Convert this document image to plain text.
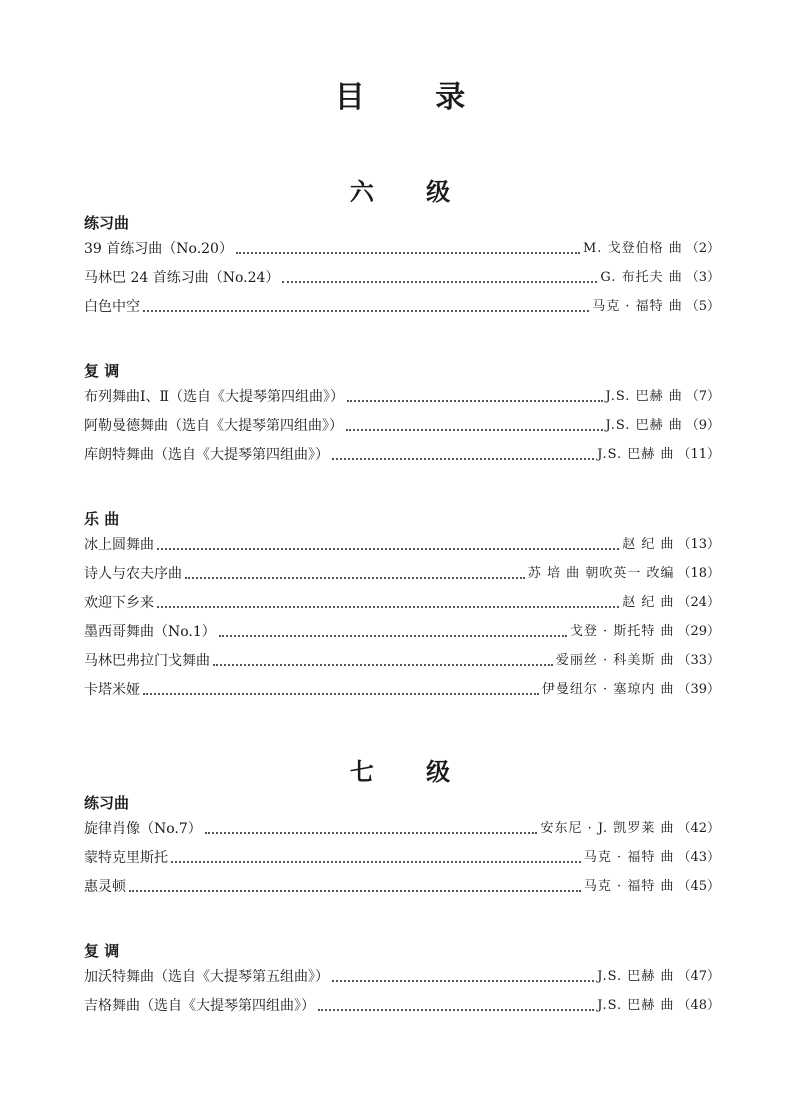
目 录
六 级
练习曲
39 首练习曲（No.20）	M. 戈登伯格 曲 （2）
马林巴 24 首练习曲（No.24）	G. 布托夫 曲 （3）
白色中空	马克 · 福特 曲 （5）
复 调
布列舞曲Ⅰ、Ⅱ（选自《大提琴第四组曲》）	J.S. 巴赫 曲 （7）
阿勒曼德舞曲（选自《大提琴第四组曲》）	J.S. 巴赫 曲 （9）
库朗特舞曲（选自《大提琴第四组曲》）	J.S. 巴赫 曲 （11）
乐 曲
冰上圆舞曲	赵 纪 曲 （13）
诗人与农夫序曲	苏 培 曲 朝吹英一 改编 （18）
欢迎下乡来	赵 纪 曲 （24）
墨西哥舞曲（No.1）	戈登 · 斯托特 曲 （29）
马林巴弗拉门戈舞曲	爱丽丝 · 科美斯 曲 （33）
卡塔米娅	伊曼纽尔 · 塞琼内 曲 （39）
七 级
练习曲
旋律肖像（No.7）	安东尼 · J. 凯罗莱 曲 （42）
蒙特克里斯托	马克 · 福特 曲 （43）
惠灵顿	马克 · 福特 曲 （45）
复 调
加沃特舞曲（选自《大提琴第五组曲》）	J.S. 巴赫 曲 （47）
吉格舞曲（选自《大提琴第四组曲》）	J.S. 巴赫 曲 （48）
